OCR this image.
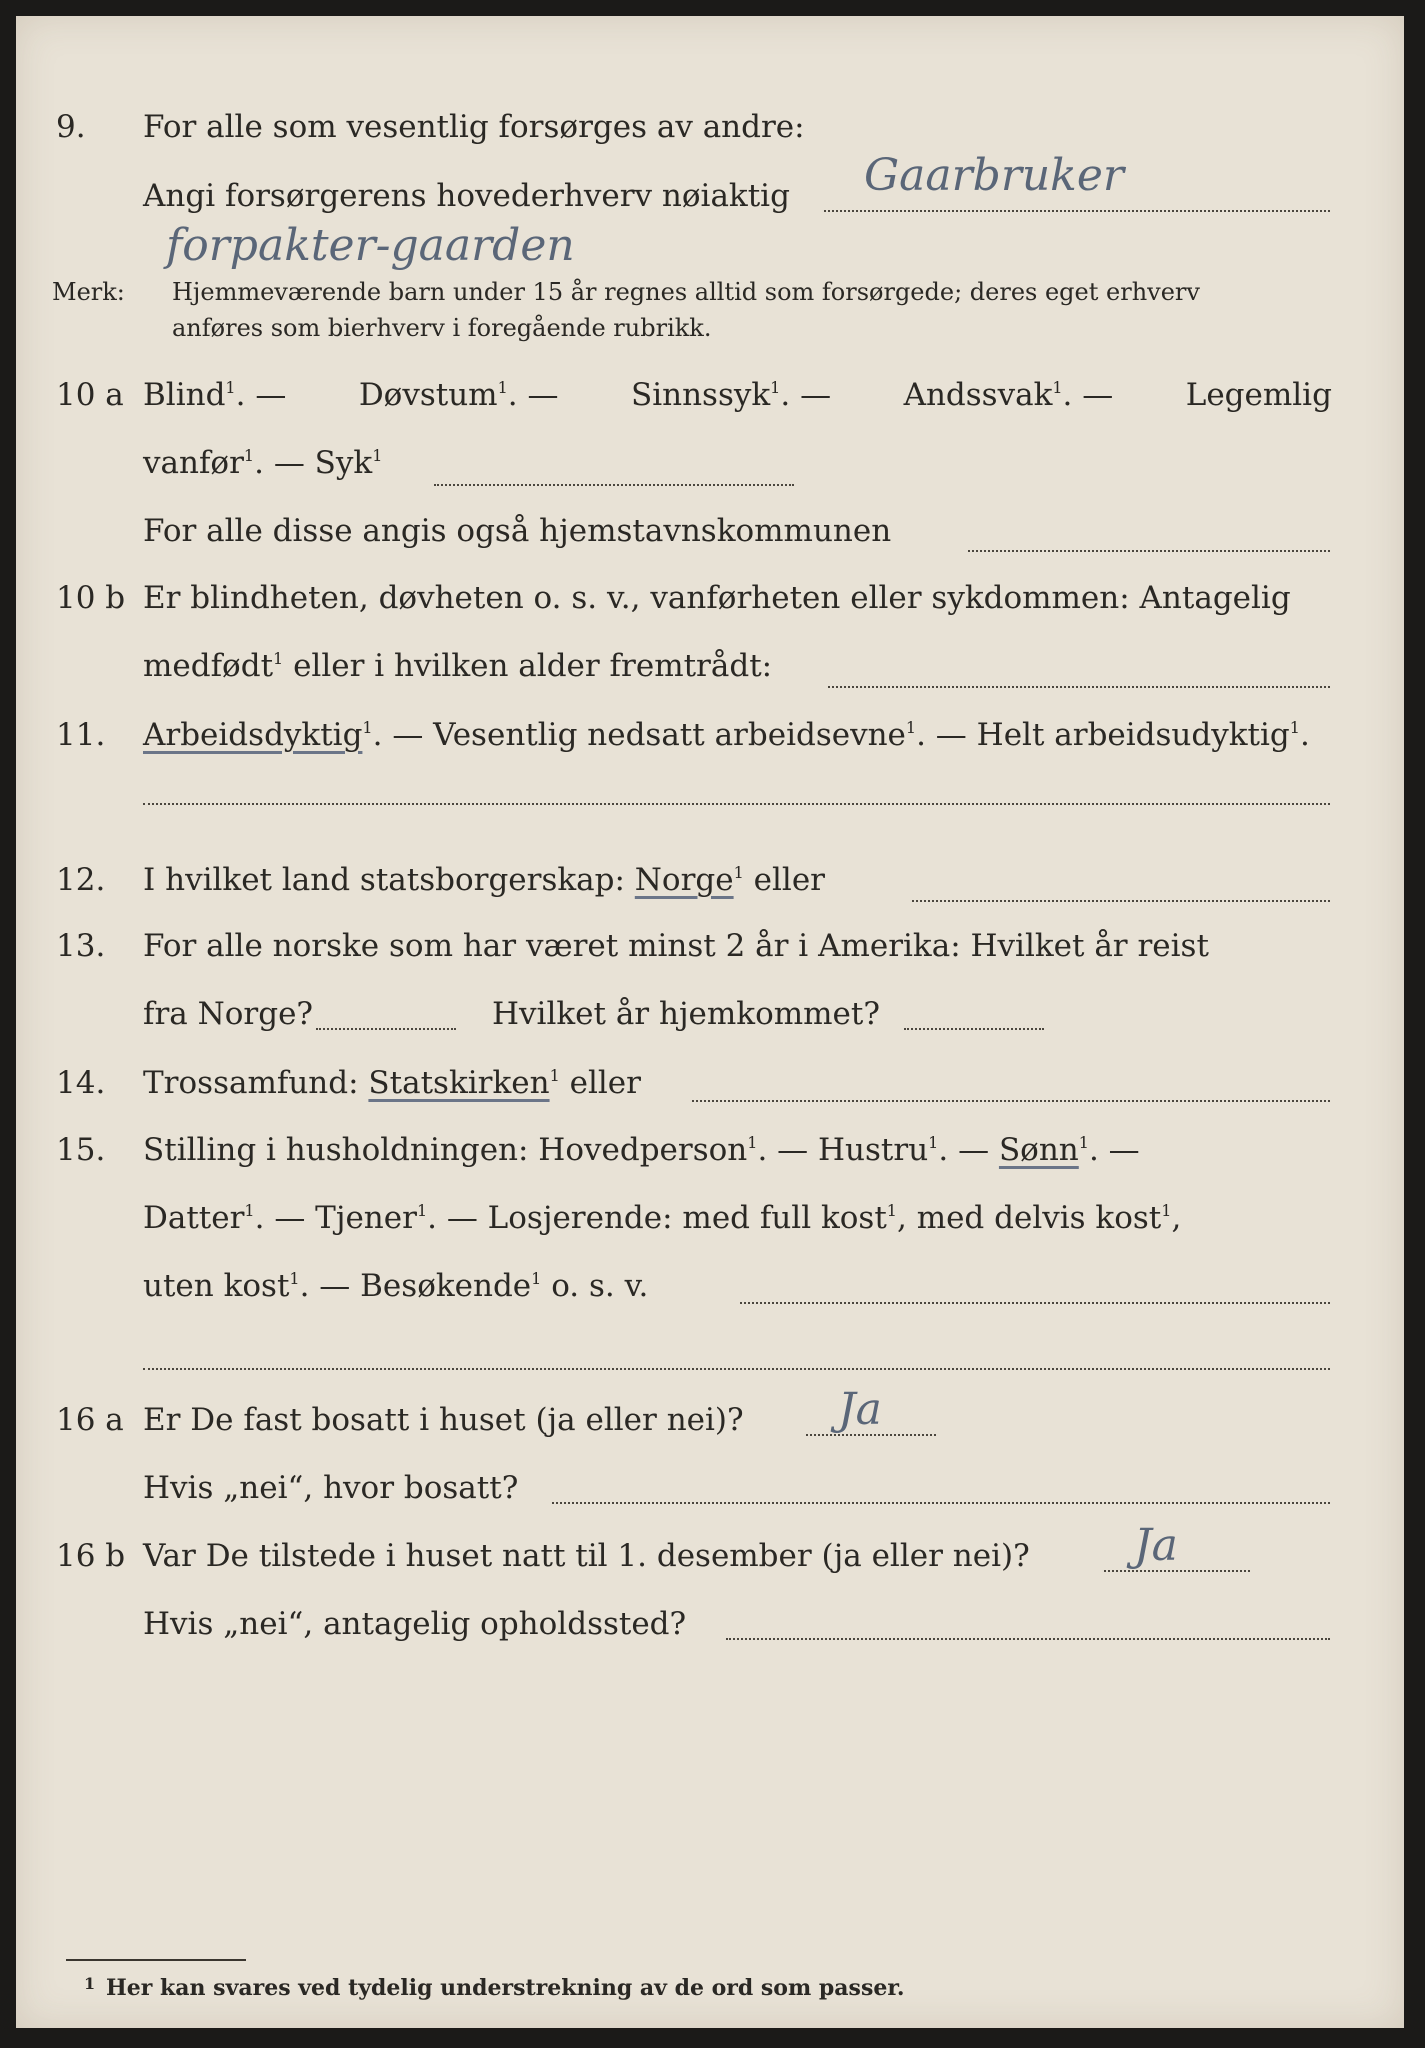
9. For alle som vesentlig forsørges av andre:
Angi forsørgerens hovederhverv nøiaktig Gaarbruker
forpakter-gaarden
Merk: Hjemmeværende barn under 15 år regnes alltid som forsørgede; deres eget erhverv
anføres som bierhverv i foregående rubrikk.
10 a Blind$^1$. — Døvstum$^1$. — Sinnssyk$^1$. — Andssvak$^1$. — Legemlig
vanfør$^1$. — Syk$^1$
For alle disse angis også hjemstavnskommunen
10 b Er blindheten, døvheten o. s. v., vanførheten eller sykdommen: Antagelig
medfødt$^1$ eller i hvilken alder fremtrådt:
11. Arbeidsdyktig$^1$. — Vesentlig nedsatt arbeidsevne$^1$. — Helt arbeidsudyktig$^1$.
12. I hvilket land statsborgerskap: Norge$^1$ eller
13. For alle norske som har været minst 2 år i Amerika: Hvilket år reist
fra Norge?	Hvilket år hjemkommet?
14. Trossamfund: Statskirken$^1$ eller
15. Stilling i husholdningen: Hovedperson$^1$. — Hustru$^1$. — Sønn$^1$. —
Datter$^1$. — Tjener$^1$. — Losjerende: med full kost$^1$, med delvis kost$^1$,
uten kost$^1$. — Besøkende$^1$ o. s. v.
16 a Er De fast bosatt i huset (ja eller nei)? Ja
Hvis „nei“, hvor bosatt?
16 b Var De tilstede i huset natt til 1. desember (ja eller nei)? Ja
Hvis „nei“, antagelig opholdssted?
1 Her kan svares ved tydelig understrekning av de ord som passer.
